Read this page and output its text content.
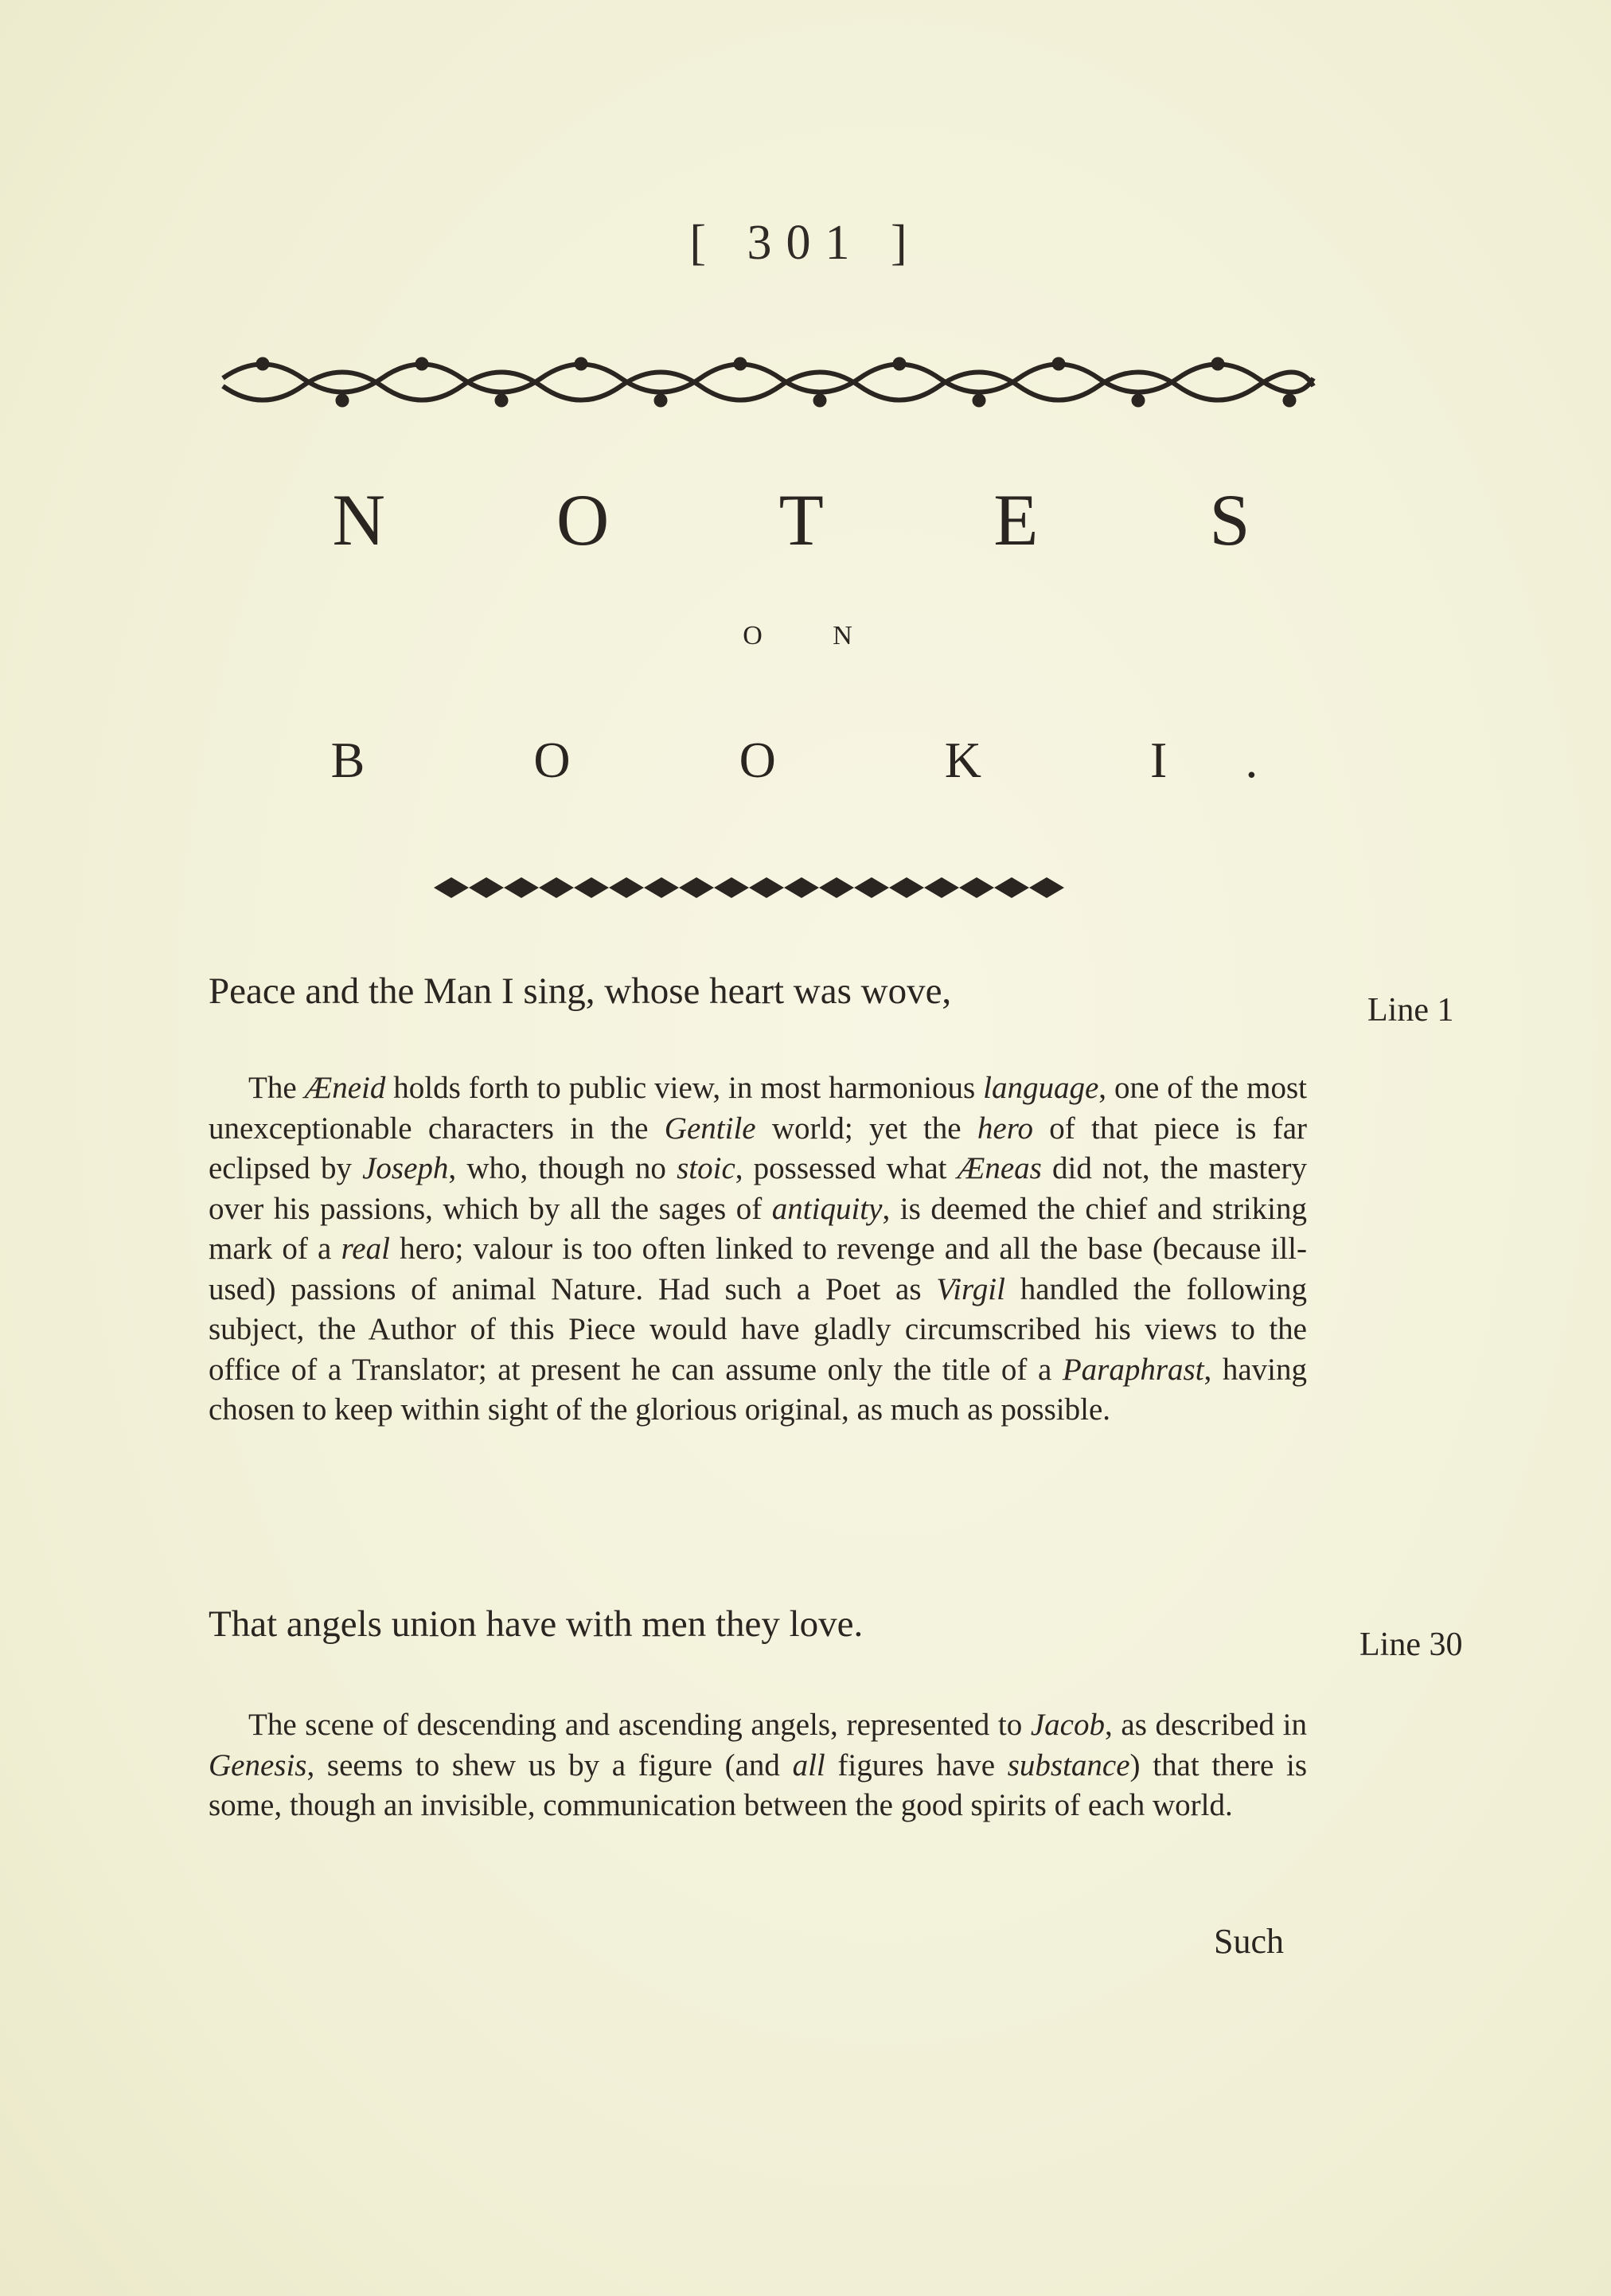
[ 301 ]
N O T E S
O N
B O O K I.
Peace and the Man I sing, whose heart was wove,	Line 1
The Æneid holds forth to public view, in most harmonious language, one of the most unexceptionable characters in the Gentile world; yet the hero of that piece is far eclipsed by Joseph, who, though no stoic, possessed what Æneas did not, the mastery over his passions, which by all the sages of antiquity, is deemed the chief and striking mark of a real hero; valour is too often linked to revenge and all the base (because ill-used) passions of animal Nature. Had such a Poet as Virgil handled the following subject, the Author of this Piece would have gladly circumscribed his views to the office of a Translator; at present he can assume only the title of a Paraphrast, having chosen to keep within sight of the glorious original, as much as possible.
That angels union have with men they love.	Line 30
The scene of descending and ascending angels, represented to Jacob, as described in Genesis, seems to shew us by a figure (and all figures have substance) that there is some, though an invisible, communication between the good spirits of each world.
Such
